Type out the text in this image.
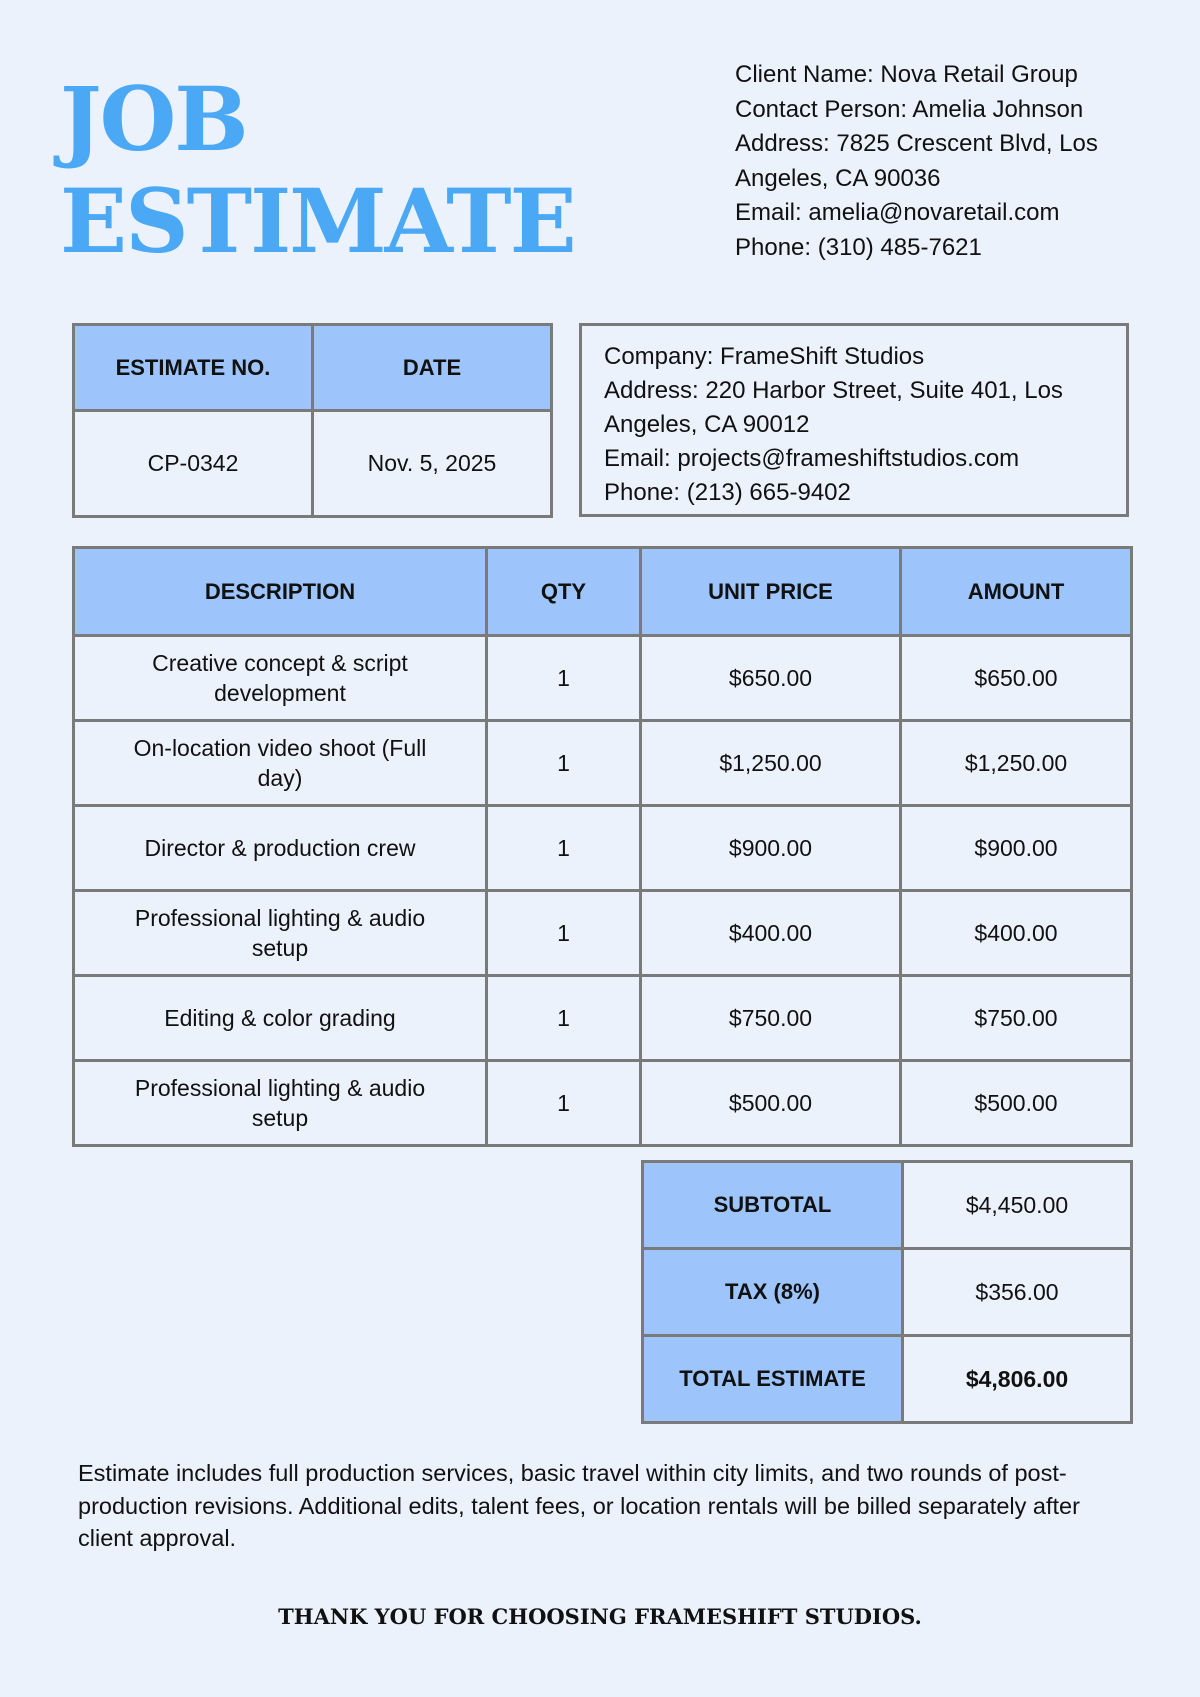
JOB
ESTIMATE
Client Name: Nova Retail Group
Contact Person: Amelia Johnson
Address: 7825 Crescent Blvd, Los
Angeles, CA 90036
Email: amelia@novaretail.com
Phone: (310) 485-7621
ESTIMATE NO.	DATE
CP-0342	Nov. 5, 2025
Company: FrameShift Studios
Address: 220 Harbor Street, Suite 401, Los
Angeles, CA 90012
Email: projects@frameshiftstudios.com
Phone: (213) 665-9402
DESCRIPTION	QTY	UNIT PRICE	AMOUNT
Creative concept & script development	1	$650.00	$650.00
On-location video shoot (Full day)	1	$1,250.00	$1,250.00
Director & production crew	1	$900.00	$900.00
Professional lighting & audio setup	1	$400.00	$400.00
Editing & color grading	1	$750.00	$750.00
Professional lighting & audio setup	1	$500.00	$500.00
SUBTOTAL	$4,450.00
TAX (8%)	$356.00
TOTAL ESTIMATE	$4,806.00

Estimate includes full production services, basic travel within city limits, and two rounds of post-production revisions. Additional edits, talent fees, or location rentals will be billed separately after client approval.

THANK YOU FOR CHOOSING FRAMESHIFT STUDIOS.
